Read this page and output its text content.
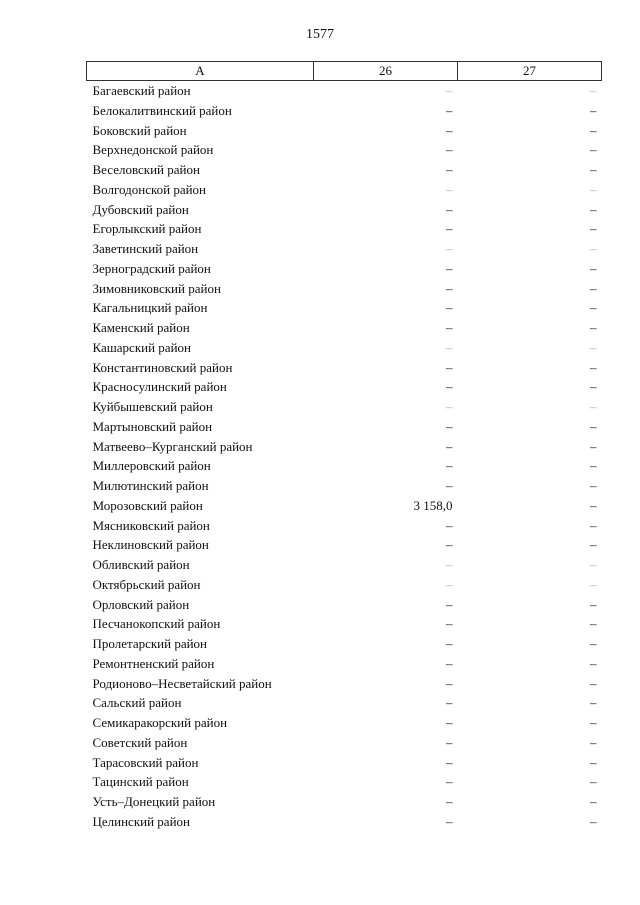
1577
А	26	27
Багаевский район	–	–
Белокалитвинский район	–	–
Боковский район	–	–
Верхнедонской район	–	–
Веселовский район	–	–
Волгодонской район	–	–
Дубовский район	–	–
Егорлыкский район	–	–
Заветинский район	–	–
Зерноградский район	–	–
Зимовниковский район	–	–
Кагальницкий район	–	–
Каменский район	–	–
Кашарский район	–	–
Константиновский район	–	–
Красносулинский район	–	–
Куйбышевский район	–	–
Мартыновский район	–	–
Матвеево–Курганский район	–	–
Миллеровский район	–	–
Милютинский район	–	–
Морозовский район	3 158,0	–
Мясниковский район	–	–
Неклиновский район	–	–
Обливский район	–	–
Октябрьский район	–	–
Орловский район	–	–
Песчанокопский район	–	–
Пролетарский район	–	–
Ремонтненский район	–	–
Родионово–Несветайский район	–	–
Сальский район	–	–
Семикаракорский район	–	–
Советский район	–	–
Тарасовский район	–	–
Тацинский район	–	–
Усть–Донецкий район	–	–
Целинский район	–	–
